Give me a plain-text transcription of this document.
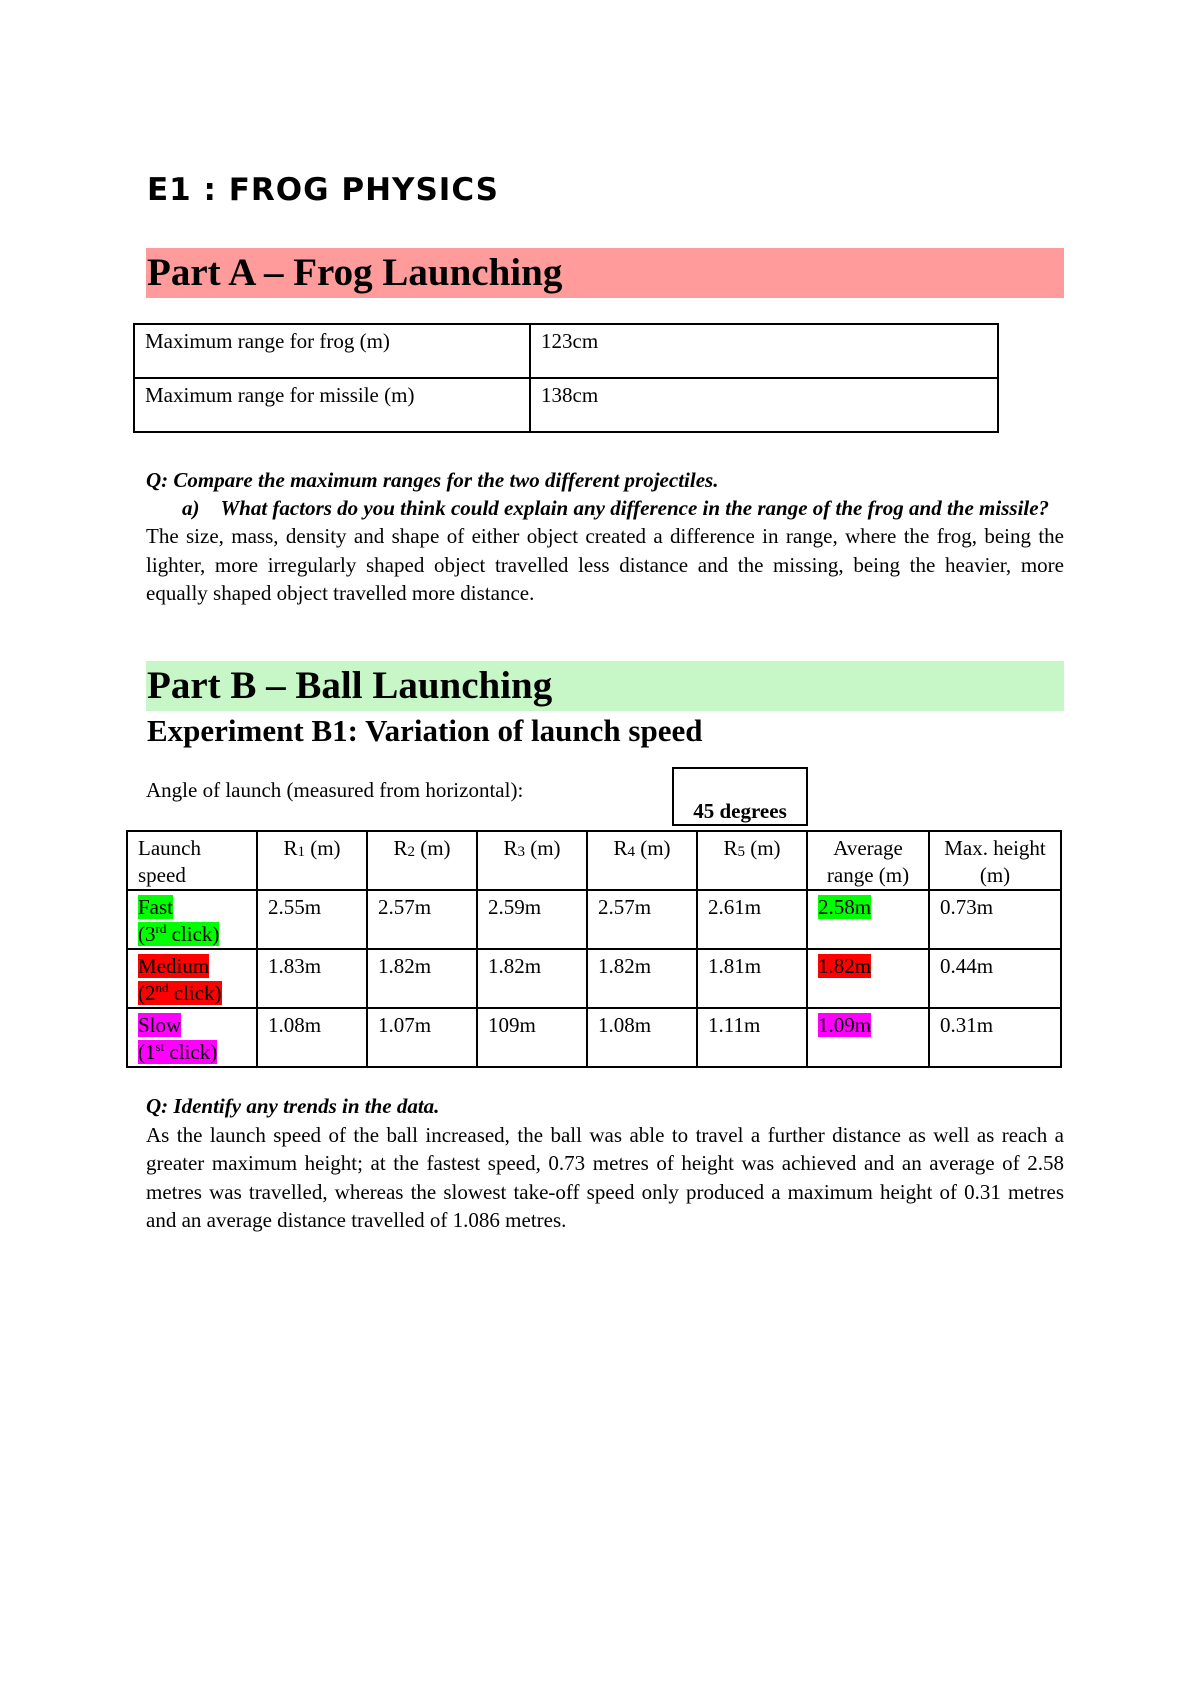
E1 : FROG PHYSICS
Part A – Frog Launching
Maximum range for frog (m)	123cm
Maximum range for missile (m)	138cm
Q: Compare the maximum ranges for the two different projectiles.
a)    What factors do you think could explain any difference in the range of the frog and the missile?
The size, mass, density and shape of either object created a difference in range, where the frog, being the lighter, more irregularly shaped object travelled less distance and the missing, being the heavier, more equally shaped object travelled more distance.
Part B – Ball Launching
Experiment B1: Variation of launch speed
Angle of launch (measured from horizontal):
45 degrees
Launch speed	R1 (m)	R2 (m)	R3 (m)	R4 (m)	R5 (m)	Average range (m)	Max. height (m)
Fast
(3rd click)	2.55m	2.57m	2.59m	2.57m	2.61m	2.58m	0.73m
Medium
(2nd click)	1.83m	1.82m	1.82m	1.82m	1.81m	1.82m	0.44m
Slow
(1st click)	1.08m	1.07m	109m	1.08m	1.11m	1.09m	0.31m
Q: Identify any trends in the data.
As the launch speed of the ball increased, the ball was able to travel a further distance as well as reach a greater maximum height; at the fastest speed, 0.73 metres of height was achieved and an average of 2.58 metres was travelled, whereas the slowest take-off speed only produced a maximum height of 0.31 metres and an average distance travelled of 1.086 metres.
